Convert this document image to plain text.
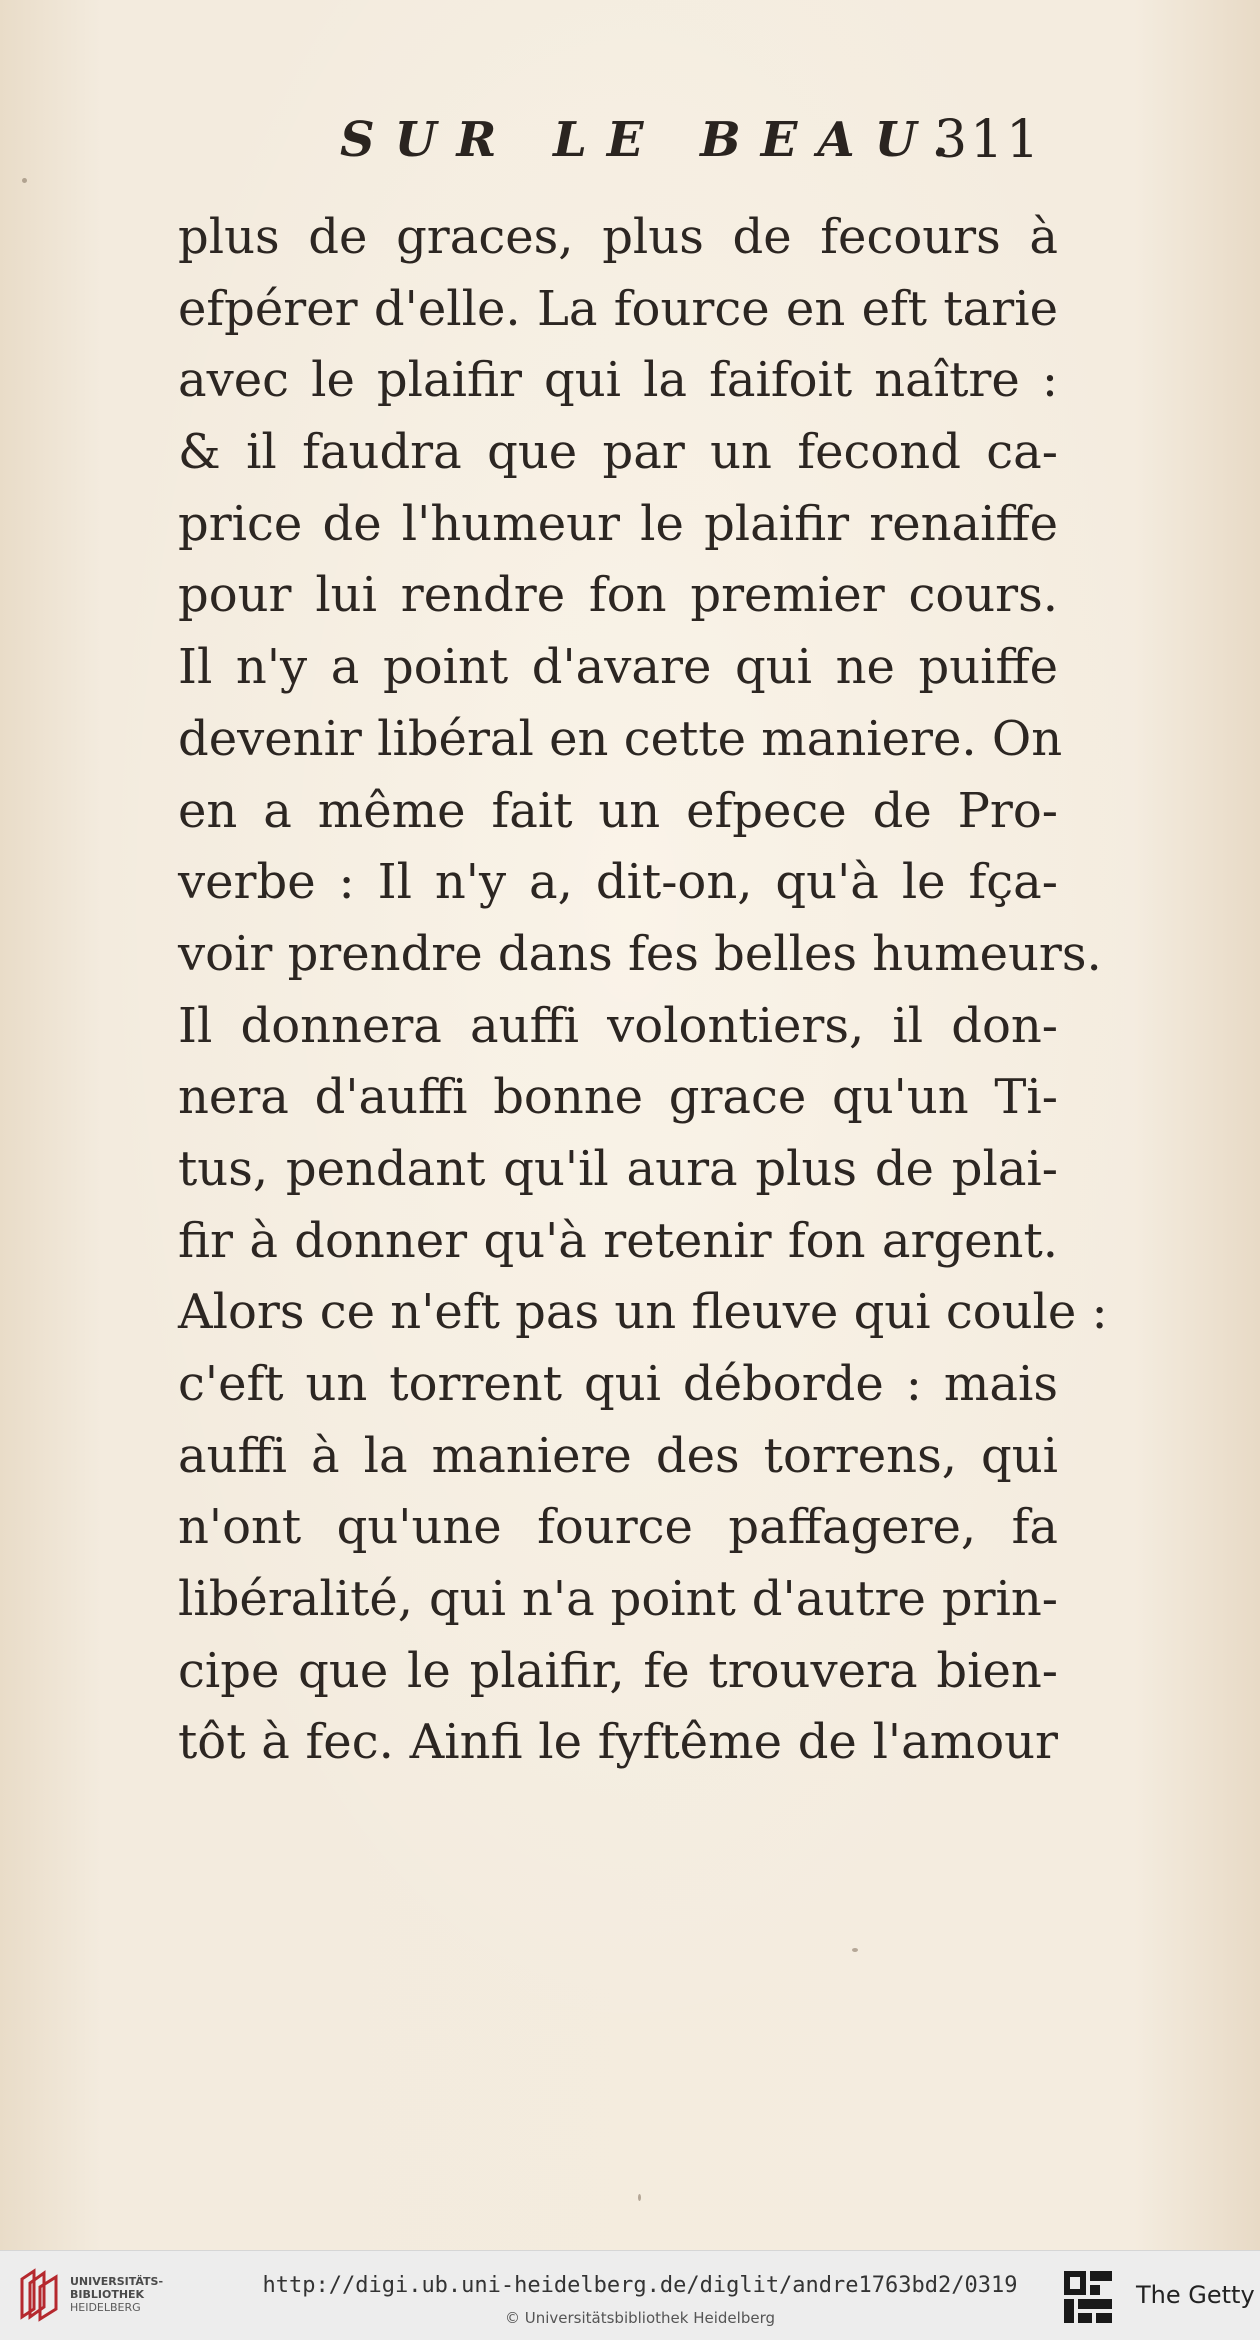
SUR LE BEAU.
311
plus de graces, plus de fecours à
efpérer d'elle. La fource en eft tarie
avec le plaifir qui la faifoit naître :
& il faudra que par un fecond ca-
price de l'humeur le plaifir renaiffe
pour lui rendre fon premier cours.
Il n'y a point d'avare qui ne puiffe
devenir libéral en cette maniere. On
en a même fait un efpece de Pro-
verbe : Il n'y a, dit-on, qu'à le fça-
voir prendre dans fes belles humeurs.
Il donnera auffi volontiers, il don-
nera d'auffi bonne grace qu'un Ti-
tus, pendant qu'il aura plus de plai-
fir à donner qu'à retenir fon argent.
Alors ce n'eft pas un fleuve qui coule :
c'eft un torrent qui déborde : mais
auffi à la maniere des torrens, qui
n'ont qu'une fource paffagere, fa
libéralité, qui n'a point d'autre prin-
cipe que le plaifir, fe trouvera bien-
tôt à fec. Ainfi le fyftême de l'amour
UNIVERSITÄTS-
BIBLIOTHEK
HEIDELBERG
http://digi.ub.uni-heidelberg.de/diglit/andre1763bd2/0319
© Universitätsbibliothek Heidelberg
The Getty
